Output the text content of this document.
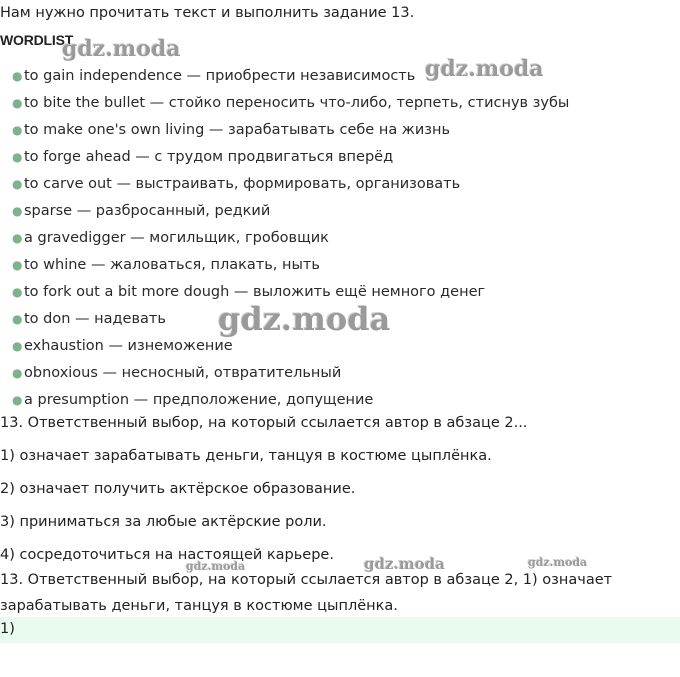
Нам нужно прочитать текст и выполнить задание 13.
WORDLIST
● to gain independence — приобрести независимость
● to bite the bullet — стойко переносить что-либо, терпеть, стиснув зубы
● to make one's own living — зарабатывать себе на жизнь
● to forge ahead — с трудом продвигаться вперёд
● to carve out — выстраивать, формировать, организовать
● sparse — разбросанный, редкий
● a gravedigger — могильщик, гробовщик
● to whine — жаловаться, плакать, ныть
● to fork out a bit more dough — выложить ещё немного денег
● to don — надевать
● exhaustion — изнеможение
● obnoxious — несносный, отвратительный
● a presumption — предположение, допущение
13. Ответственный выбор, на который ссылается автор в абзаце 2...
1) означает зарабатывать деньги, танцуя в костюме цыплёнка.
2) означает получить актёрское образование.
3) приниматься за любые актёрские роли.
4) сосредоточиться на настоящей карьере.
13. Ответственный выбор, на который ссылается автор в абзаце 2, 1) означает
зарабатывать деньги, танцуя в костюме цыплёнка.
1)
gdz.moda
gdz.moda
gdz.moda
gdz.moda	gdz.moda
gdz.moda
